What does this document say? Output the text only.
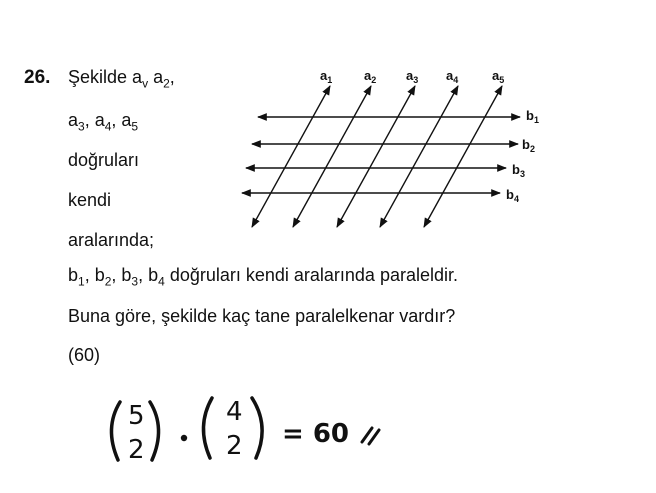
26. Şekilde $a_v$ $a_2$,
$a_3$, $a_4$, $a_5$
doğruları
kendi
aralarında;
$b_1$, $b_2$, $b_3$, $b_4$ doğruları kendi aralarında paraleldir.
Buna göre, şekilde kaç tane paralelkenar vardır?
(60)
$a_1$ $a_2$ $a_3$ $a_4$	$a_5$
$b_1$
$b_2$
$b_3$
$b_4$
5
2
4
2 = 60
